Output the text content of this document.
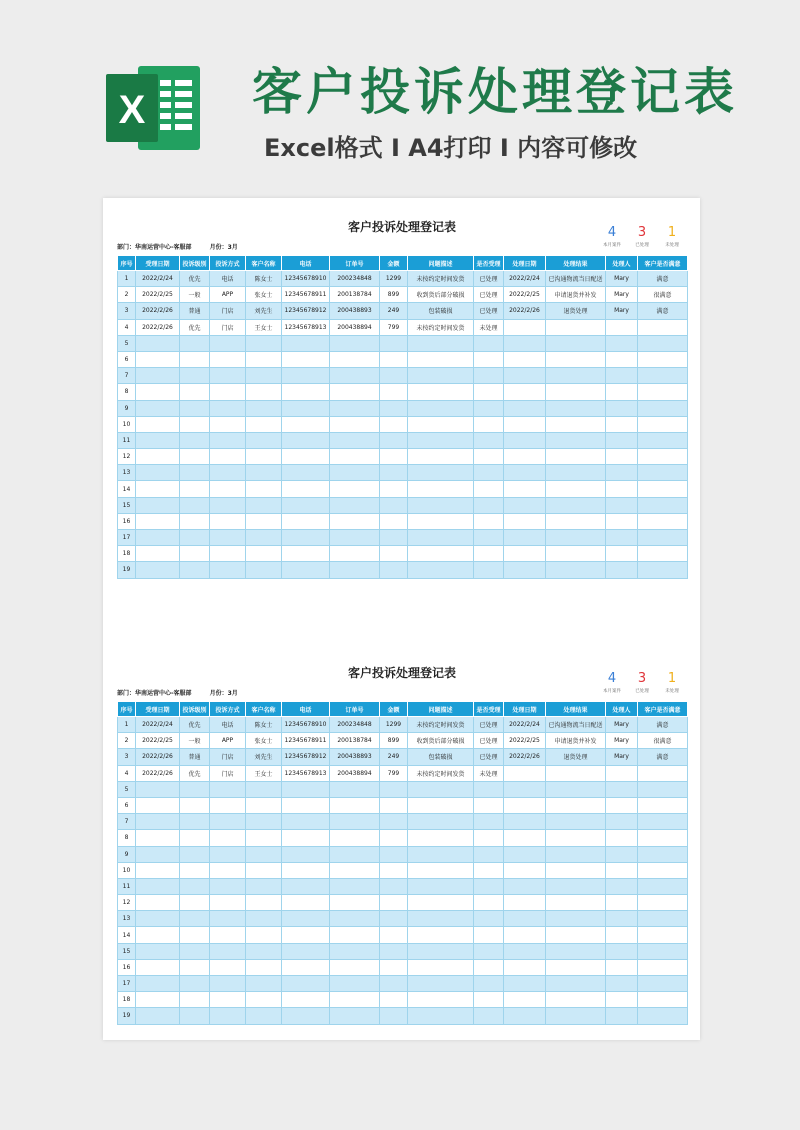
X 客户投诉处理登记表
Excel格式 I A4打印 I 内容可修改
客户投诉处理登记表	4
本月案件
3
已处理
1
未处理
部门：华南运营中心-客服部	月份：3月
序号	受理日期	投诉级别	投诉方式	客户名称	电话	订单号	金额	问题描述	是否受理	处理日期	处理结果	处理人	客户是否满意
1	2022/2/24	优先	电话	陈女士	12345678910	200234848	1299	未按约定时间发货	已处理	2022/2/24	已沟通物流当日配送	Mary	满意
2	2022/2/25	一般	APP	张女士	12345678911	200138784	899	收到货后部分破损	已处理	2022/2/25	申请退货并补发	Mary	很满意
3	2022/2/26	普通	门店	刘先生	12345678912	200438893	249	包装破损	已处理	2022/2/26	退货处理	Mary	满意
4	2022/2/26	优先	门店	王女士	12345678913	200438894	799	未按约定时间发货	未处理				
5													
6													
7													
8													
9													
10													
11													
12													
13													
14													
15													
16													
17													
18													
19													
客户投诉处理登记表	4
本月案件
3
已处理
1
未处理
部门：华南运营中心-客服部	月份：3月
序号	受理日期	投诉级别	投诉方式	客户名称	电话	订单号	金额	问题描述	是否受理	处理日期	处理结果	处理人	客户是否满意
1	2022/2/24	优先	电话	陈女士	12345678910	200234848	1299	未按约定时间发货	已处理	2022/2/24	已沟通物流当日配送	Mary	满意
2	2022/2/25	一般	APP	张女士	12345678911	200138784	899	收到货后部分破损	已处理	2022/2/25	申请退货并补发	Mary	很满意
3	2022/2/26	普通	门店	刘先生	12345678912	200438893	249	包装破损	已处理	2022/2/26	退货处理	Mary	满意
4	2022/2/26	优先	门店	王女士	12345678913	200438894	799	未按约定时间发货	未处理				
5													
6													
7													
8													
9													
10													
11													
12													
13													
14													
15													
16													
17													
18													
19													
